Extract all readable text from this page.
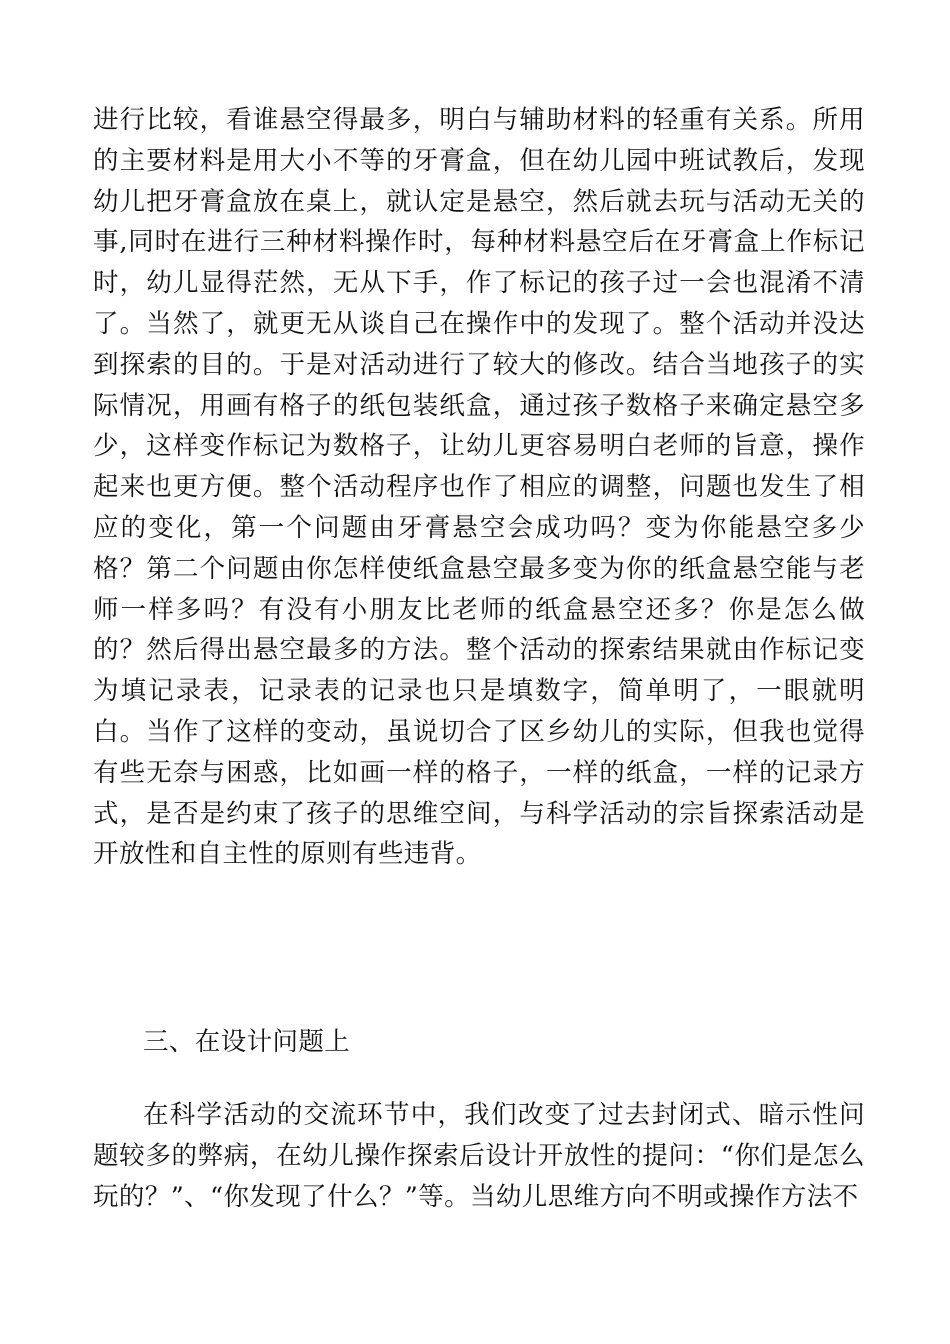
进行比较，看谁悬空得最多，明白与辅助材料的轻重有关系。所用的主要材料是用大小不等的牙膏盒，但在幼儿园中班试教后，发现幼儿把牙膏盒放在桌上，就认定是悬空，然后就去玩与活动无关的事,同时在进行三种材料操作时，每种材料悬空后在牙膏盒上作标记时，幼儿显得茫然，无从下手，作了标记的孩子过一会也混淆不清了。当然了，就更无从谈自己在操作中的发现了。整个活动并没达到探索的目的。于是对活动进行了较大的修改。结合当地孩子的实际情况，用画有格子的纸包装纸盒，通过孩子数格子来确定悬空多少，这样变作标记为数格子，让幼儿更容易明白老师的旨意，操作起来也更方便。整个活动程序也作了相应的调整，问题也发生了相应的变化，第一个问题由牙膏悬空会成功吗？变为你能悬空多少格？第二个问题由你怎样使纸盒悬空最多变为你的纸盒悬空能与老师一样多吗？有没有小朋友比老师的纸盒悬空还多？你是怎么做的？然后得出悬空最多的方法。整个活动的探索结果就由作标记变为填记录表，记录表的记录也只是填数字，简单明了，一眼就明白。当作了这样的变动，虽说切合了区乡幼儿的实际，但我也觉得有些无奈与困惑，比如画一样的格子，一样的纸盒，一样的记录方式，是否是约束了孩子的思维空间，与科学活动的宗旨探索活动是开放性和自主性的原则有些违背。
三、在设计问题上
在科学活动的交流环节中，我们改变了过去封闭式、暗示性问题较多的弊病，在幼儿操作探索后设计开放性的提问：“你们是怎么玩的？”、“你发现了什么？”等。当幼儿思维方向不明或操作方法不
